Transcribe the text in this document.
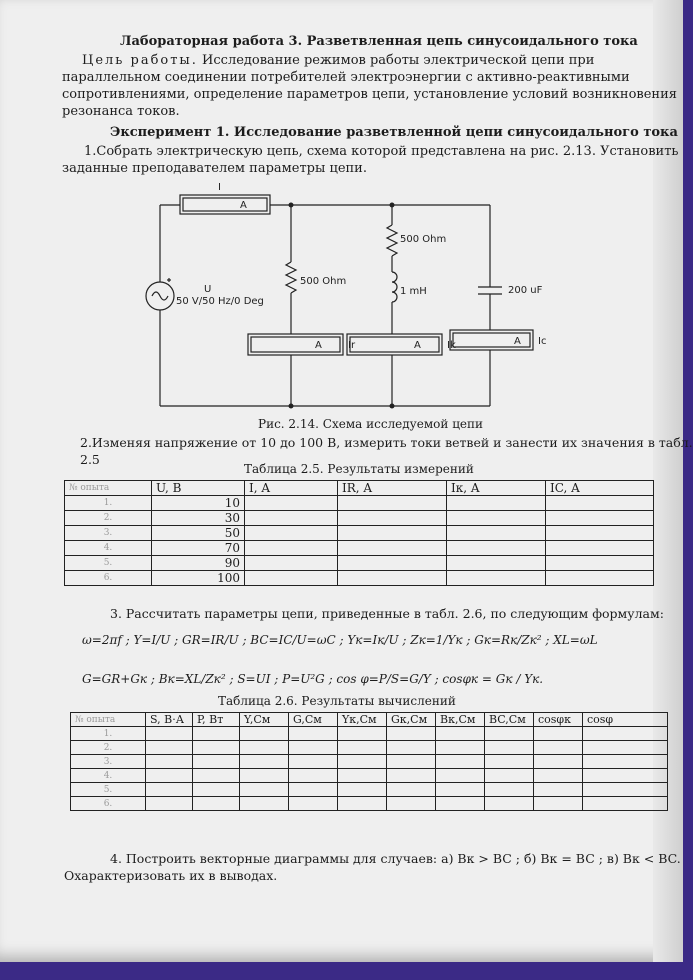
Лабораторная работа 3. Разветвленная цепь синусоидального тока
Цель работы. Исследование режимов работы электрической цепи при
параллельном соединении потребителей электроэнергии с активно-реактивными
сопротивлениями, определение параметров цепи, установление условий возникновения
резонанса токов.
Эксперимент 1. Исследование разветвленной цепи синусоидального тока
1.Собрать электрическую цепь, схема которой представлена на рис. 2.13. Установить
заданные преподавателем параметры цепи.
I
A
U
50 V/50 Hz/0 Deg
500 Ohm
500 Ohm
1 mH	200 uF
A	Ir	A	Ik	A Ic
Рис. 2.14. Схема исследуемой цепи
2.Изменяя напряжение от 10 до 100 В, измерить токи ветвей и занести их значения в табл. 2.5
Таблица 2.5. Результаты измерений
№ опыта	U, В	I, A	IR, A	Iк, A	IC, A
1.	10				
2.	30				
3.	50				
4.	70				
5.	90				
6.	100				
3. Рассчитать параметры цепи, приведенные в табл. 2.6, по следующим формулам:
ω=2πf ; Y=I/U ; GR=IR/U ; BC=IC/U=ωC ; Yк=Iк/U ; Zк=1/Yк ; Gк=Rк/Zк² ; XL=ωL
G=GR+Gк ; Bк=XL/Zк² ; S=UI ; P=U²G ; cos φ=P/S=G/Y ; cosφк = Gк / Yк.
Таблица 2.6. Результаты вычислений
№ опыта	S, В·А	P, Вт	Y,См	G,См	Yк,См	Gк,См	Bк,См	BC,См	cosφк	cosφ
1.										
2.										
3.										
4.										
5.										
6.										
4. Построить векторные диаграммы для случаев: а) Bк > BC ; б) Bк = BC ; в) Bк < BC.
Охарактеризовать их в выводах.
